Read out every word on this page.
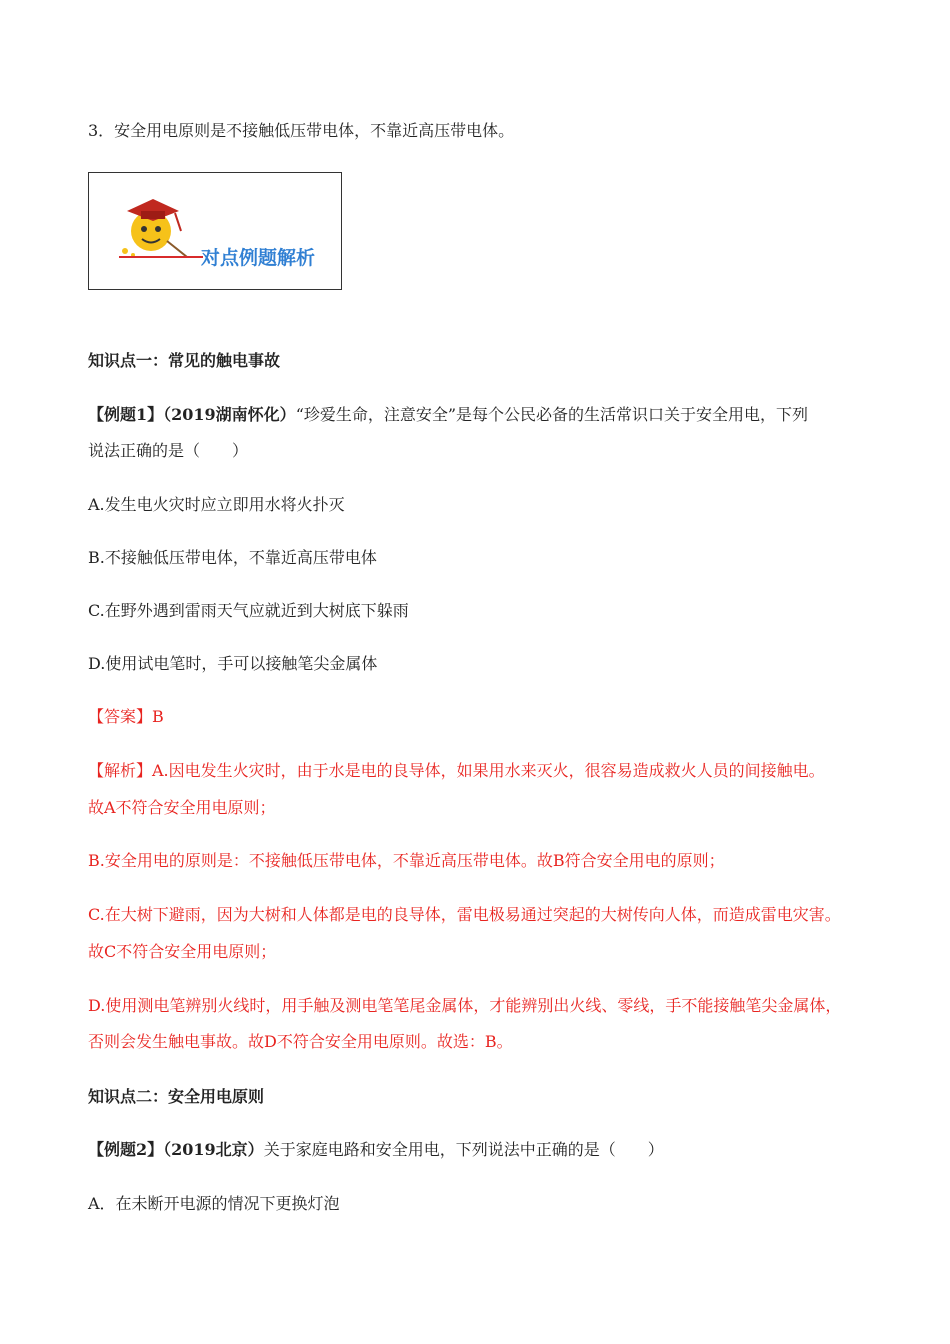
3．安全用电原则是不接触低压带电体，不靠近高压带电体。
对点例题解析
知识点一：常见的触电事故
【例题1】（2019湖南怀化）“珍爱生命，注意安全”是每个公民必备的生活常识口关于安全用电，下列
说法正确的是（　　）
A.发生电火灾时应立即用水将火扑灭
B.不接触低压带电体，不靠近高压带电体
C.在野外遇到雷雨天气应就近到大树底下躲雨
D.使用试电笔时，手可以接触笔尖金属体
【答案】B
【解析】A.因电发生火灾时，由于水是电的良导体，如果用水来灭火，很容易造成救火人员的间接触电。
故A不符合安全用电原则；
B.安全用电的原则是：不接触低压带电体，不靠近高压带电体。故B符合安全用电的原则；
C.在大树下避雨，因为大树和人体都是电的良导体，雷电极易通过突起的大树传向人体，而造成雷电灾害。
故C不符合安全用电原则；
D.使用测电笔辨别火线时，用手触及测电笔笔尾金属体，才能辨别出火线、零线，手不能接触笔尖金属体，
否则会发生触电事故。故D不符合安全用电原则。故选：B。
知识点二：安全用电原则
【例题2】（2019北京）关于家庭电路和安全用电，下列说法中正确的是（　　）
A．在未断开电源的情况下更换灯泡
